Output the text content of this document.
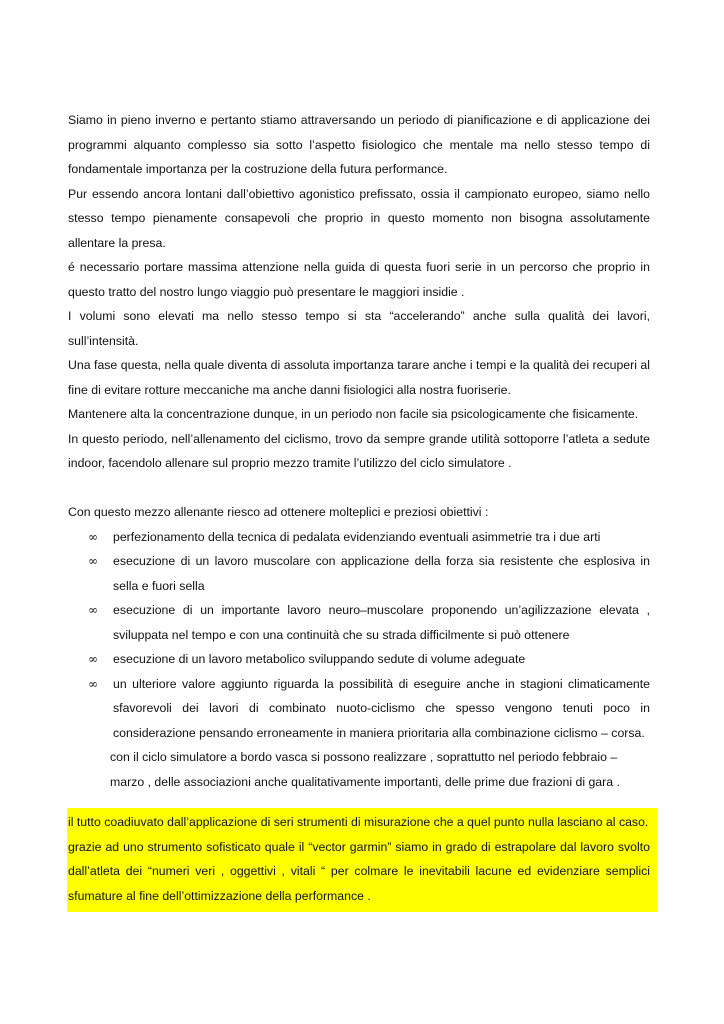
Siamo in pieno inverno e pertanto stiamo attraversando un periodo di pianificazione e di applicazione dei programmi alquanto complesso sia sotto l’aspetto fisiologico che mentale ma nello stesso tempo di fondamentale importanza per la costruzione della futura performance.

Pur essendo ancora lontani dall’obiettivo agonistico prefissato, ossia il campionato europeo, siamo nello stesso tempo pienamente consapevoli che proprio in questo momento non bisogna assolutamente allentare la presa.

é necessario portare massima attenzione nella guida di questa fuori serie in un percorso che proprio in questo tratto del nostro lungo viaggio può presentare le maggiori insidie .

I volumi sono elevati ma nello stesso tempo si sta “accelerando” anche sulla qualità dei lavori, sull’intensità.

Una fase questa, nella quale diventa di assoluta importanza tarare anche i tempi e la qualità dei recuperi al fine di evitare rotture meccaniche ma anche danni fisiologici alla nostra fuoriserie.

Mantenere alta la concentrazione dunque, in un periodo non facile sia psicologicamente che fisicamente.

In questo periodo, nell’allenamento del ciclismo, trovo da sempre grande utilità sottoporre l’atleta a sedute indoor, facendolo allenare sul proprio mezzo tramite l’utilizzo del ciclo simulatore .

Con questo mezzo allenante riesco ad ottenere molteplici e preziosi obiettivi :

∞	perfezionamento della tecnica di pedalata evidenziando eventuali asimmetrie tra i due arti
∞	esecuzione di un lavoro muscolare con applicazione della forza sia resistente che esplosiva in sella e fuori sella
∞	esecuzione di un importante lavoro neuro–muscolare proponendo un’agilizzazione elevata , sviluppata nel tempo e con una continuità che su strada difficilmente si può ottenere
∞	esecuzione di un lavoro metabolico sviluppando sedute di volume adeguate
∞	un ulteriore valore aggiunto riguarda la possibilità di eseguire anche in stagioni climaticamente sfavorevoli dei lavori di combinato nuoto-ciclismo che spesso vengono tenuti poco in considerazione pensando erroneamente in maniera prioritaria alla combinazione ciclismo – corsa.

con il ciclo simulatore a bordo vasca si possono realizzare , soprattutto nel periodo febbraio – marzo , delle associazioni anche qualitativamente importanti, delle prime due frazioni di gara .

il tutto coadiuvato dall’applicazione di seri strumenti di misurazione che a quel punto nulla lasciano al caso.

grazie ad uno strumento sofisticato quale il “vector garmin” siamo in grado di estrapolare dal lavoro svolto dall’atleta dei “numeri veri , oggettivi , vitali “ per colmare le inevitabili lacune ed evidenziare semplici sfumature al fine dell’ottimizzazione della performance .
